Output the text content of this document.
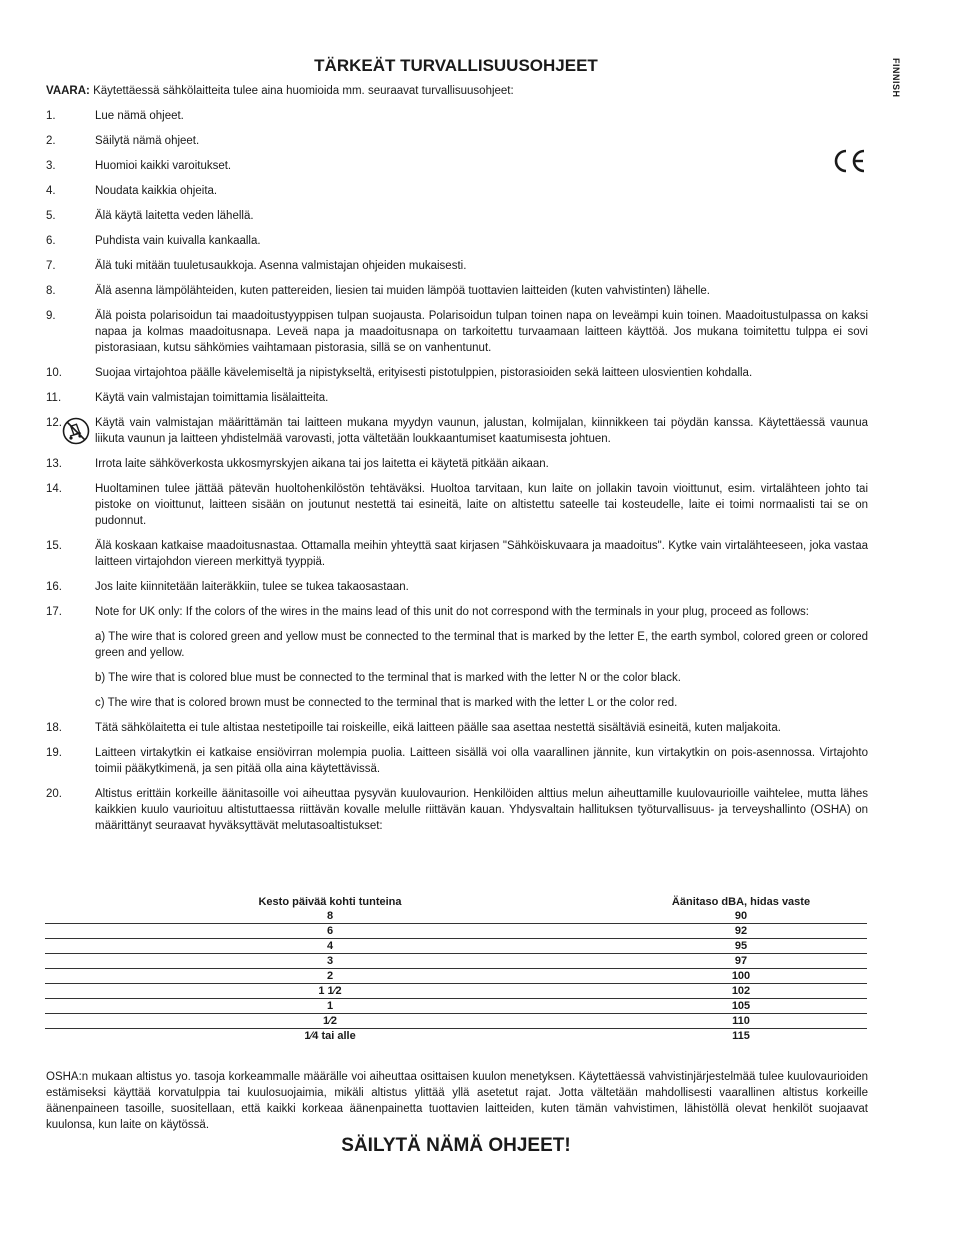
TÄRKEÄT TURVALLISUUSOHJEET	FINNISH

VAARA: Käytettäessä sähkölaitteita tulee aina huomioida mm. seuraavat turvallisuusohjeet:

1.	Lue nämä ohjeet.
2.	Säilytä nämä ohjeet.
3.	Huomioi kaikki varoitukset.
4.	Noudata kaikkia ohjeita.
5.	Älä käytä laitetta veden lähellä.
6.	Puhdista vain kuivalla kankaalla.
7.	Älä tuki mitään tuuletusaukkoja. Asenna valmistajan ohjeiden mukaisesti.
8.	Älä asenna lämpölähteiden, kuten pattereiden, liesien tai muiden lämpöä tuottavien laitteiden (kuten vahvistinten) lähelle.
9.	Älä poista polarisoidun tai maadoitustyyppisen tulpan suojausta. Polarisoidun tulpan toinen napa on leveämpi kuin toinen. Maadoitustulpassa on kaksi napaa ja kolmas maadoitusnapa. Leveä napa ja maadoitusnapa on tarkoitettu turvaamaan laitteen käyttöä. Jos mukana toimitettu tulppa ei sovi pistorasiaan, kutsu sähkömies vaihtamaan pistorasia, sillä se on vanhentunut.
10.	Suojaa virtajohtoa päälle kävelemiseltä ja nipistykseltä, erityisesti pistotulppien, pistorasioiden sekä laitteen ulosvientien kohdalla.
11.	Käytä vain valmistajan toimittamia lisälaitteita.
12.	Käytä vain valmistajan määrittämän tai laitteen mukana myydyn vaunun, jalustan, kolmijalan, kiinnikkeen tai pöydän kanssa. Käytettäessä vaunua liikuta vaunun ja laitteen yhdistelmää varovasti, jotta vältetään loukkaantumiset kaatumisesta johtuen.
13.	Irrota laite sähköverkosta ukkosmyrskyjen aikana tai jos laitetta ei käytetä pitkään aikaan.
14.	Huoltaminen tulee jättää pätevän huoltohenkilöstön tehtäväksi. Huoltoa tarvitaan, kun laite on jollakin tavoin vioittunut, esim. virtalähteen johto tai pistoke on vioittunut, laitteen sisään on joutunut nestettä tai esineitä, laite on altistettu sateelle tai kosteudelle, laite ei toimi normaalisti tai se on pudonnut.
15.	Älä koskaan katkaise maadoitusnastaa. Ottamalla meihin yhteyttä saat kirjasen "Sähköiskuvaara ja maadoitus". Kytke vain virtalähteeseen, joka vastaa laitteen virtajohdon viereen merkittyä tyyppiä.
16.	Jos laite kiinnitetään laiteräkkiin, tulee se tukea takaosastaan.
17.	Note for UK only: If the colors of the wires in the mains lead of this unit do not correspond with the terminals in your plug, proceed as follows:

a) The wire that is colored green and yellow must be connected to the terminal that is marked by the letter E, the earth symbol, colored green or colored green and yellow.

b) The wire that is colored blue must be connected to the terminal that is marked with the letter N or the color black.

c) The wire that is colored brown must be connected to the terminal that is marked with the letter L or the color red.

18.	Tätä sähkölaitetta ei tule altistaa nestetipoille tai roiskeille, eikä laitteen päälle saa asettaa nestettä sisältäviä esineitä, kuten maljakoita.
19.	Laitteen virtakytkin ei katkaise ensiövirran molempia puolia. Laitteen sisällä voi olla vaarallinen jännite, kun virtakytkin on pois-asennossa. Virtajohto toimii pääkytkimenä, ja sen pitää olla aina käytettävissä.
20.	Altistus erittäin korkeille äänitasoille voi aiheuttaa pysyvän kuulovaurion. Henkilöiden alttius melun aiheuttamille kuulovaurioille vaihtelee, mutta lähes kaikkien kuulo vaurioituu altistuttaessa riittävän kovalle melulle riittävän kauan. Yhdysvaltain hallituksen työturvallisuus- ja terveyshallinto (OSHA) on määrittänyt seuraavat hyväksyttävät melutasoaltistukset:
Kesto päivää kohti tunteina	Äänitaso dBA, hidas vaste
8	90
6	92
4	95
3	97
2	100
1 1⁄2	102
1	105
1⁄2	110
1⁄4 tai alle	115

OSHA:n mukaan altistus yo. tasoja korkeammalle määrälle voi aiheuttaa osittaisen kuulon menetyksen. Käytettäessä vahvistinjärjestelmää tulee kuulovaurioiden estämiseksi käyttää korvatulppia tai kuulosuojaimia, mikäli altistus ylittää yllä asetetut rajat. Jotta vältetään mahdollisesti vaarallinen altistus korkeille äänenpaineen tasoille, suositellaan, että kaikki korkeaa äänenpainetta tuottavien laitteiden, kuten tämän vahvistimen, lähistöllä olevat henkilöt suojaavat kuulonsa, kun laite on käytössä.

SÄILYTÄ NÄMÄ OHJEET!
